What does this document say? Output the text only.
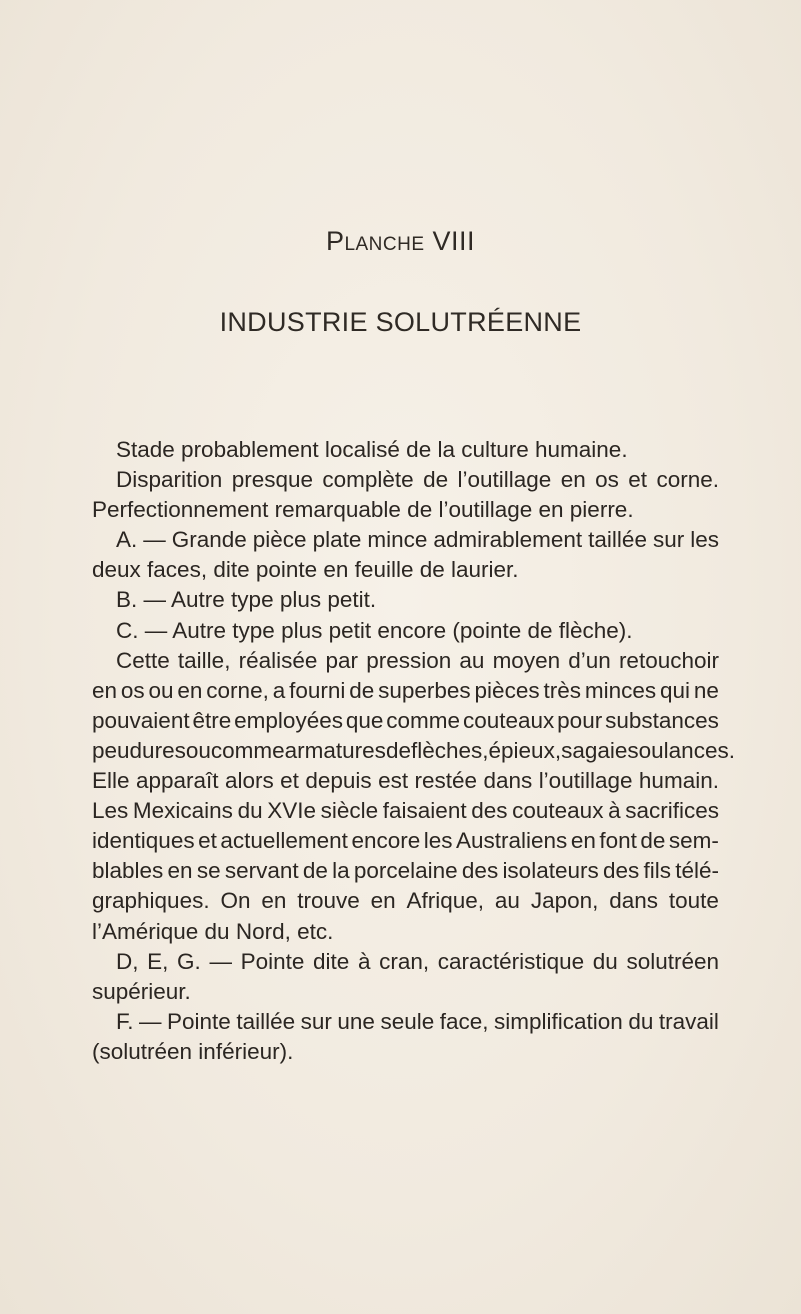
Planche VIII
INDUSTRIE SOLUTRÉENNE
Stade probablement localisé de la culture humaine.
Disparition presque complète de l’outillage en os et corne.
Perfectionnement remarquable de l’outillage en pierre.
A. — Grande pièce plate mince admirablement taillée sur les
deux faces, dite pointe en feuille de laurier.
B. — Autre type plus petit.
C. — Autre type plus petit encore (pointe de flèche).
Cette taille, réalisée par pression au moyen d’un retouchoir
en os ou en corne, a fourni de superbes pièces très minces qui ne
pouvaient être employées que comme couteaux pour substances
peu dures ou comme armatures de flèches, épieux, sagaies ou lances.
Elle apparaît alors et depuis est restée dans l’outillage humain.
Les Mexicains du XVIe siècle faisaient des couteaux à sacrifices
identiques et actuellement encore les Australiens en font de sem-
blables en se servant de la porcelaine des isolateurs des fils télé-
graphiques. On en trouve en Afrique, au Japon, dans toute
l’Amérique du Nord, etc.
D, E, G. — Pointe dite à cran, caractéristique du solutréen
supérieur.
F. — Pointe taillée sur une seule face, simplification du travail
(solutréen inférieur).
